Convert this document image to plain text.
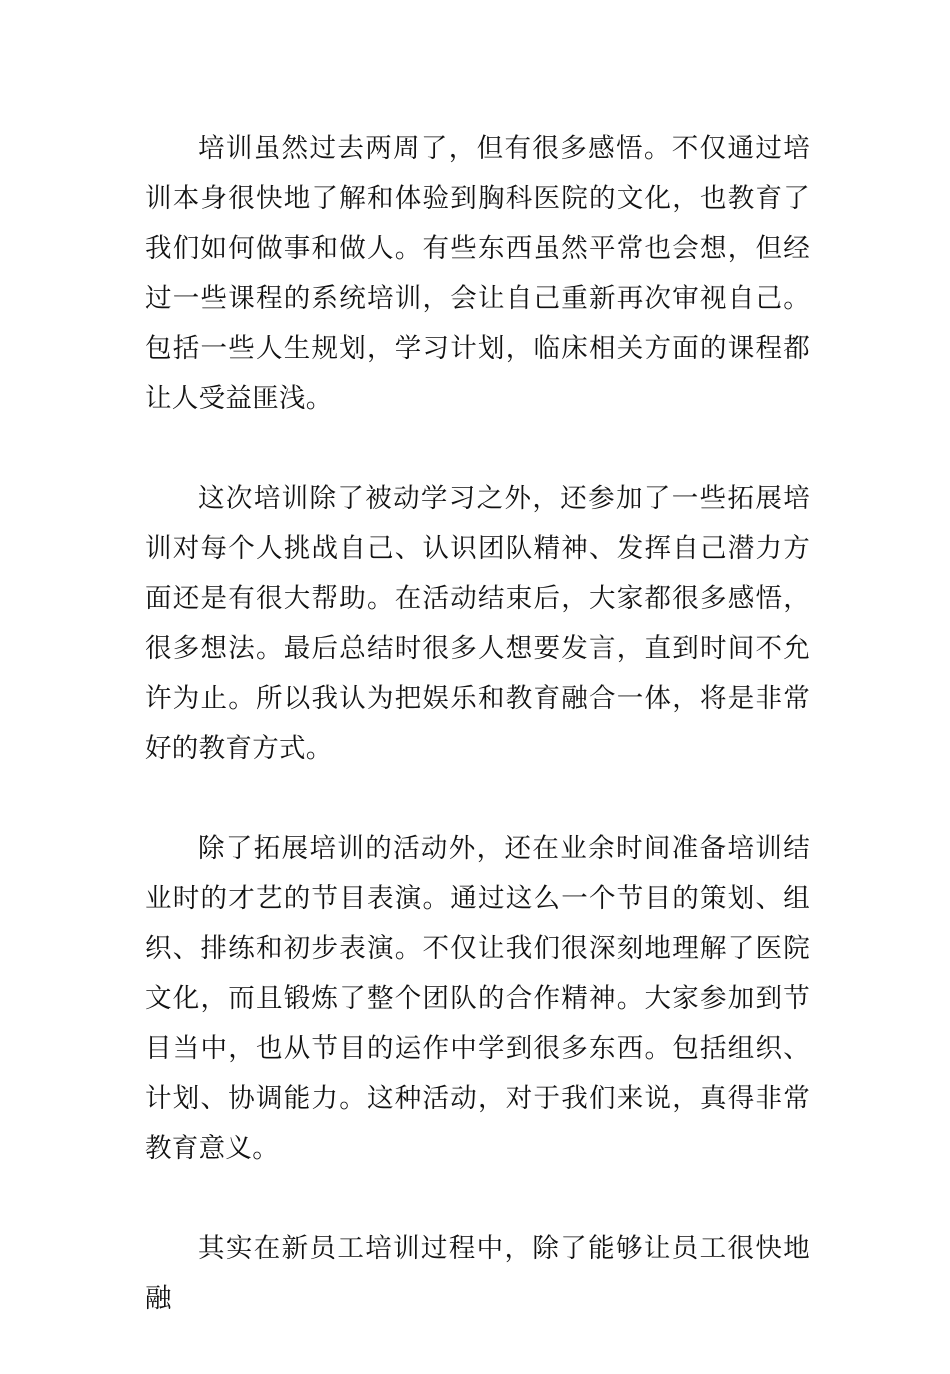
培训虽然过去两周了，但有很多感悟。不仅通过培训本身很快地了解和体验到胸科医院的文化，也教育了我们如何做事和做人。有些东西虽然平常也会想，但经过一些课程的系统培训，会让自己重新再次审视自己。包括一些人生规划，学习计划，临床相关方面的课程都让人受益匪浅。

这次培训除了被动学习之外，还参加了一些拓展培训对每个人挑战自己、认识团队精神、发挥自己潜力方面还是有很大帮助。在活动结束后，大家都很多感悟，很多想法。最后总结时很多人想要发言，直到时间不允许为止。所以我认为把娱乐和教育融合一体，将是非常好的教育方式。

除了拓展培训的活动外，还在业余时间准备培训结业时的才艺的节目表演。通过这么一个节目的策划、组织、排练和初步表演。不仅让我们很深刻地理解了医院文化，而且锻炼了整个团队的合作精神。大家参加到节目当中，也从节目的运作中学到很多东西。包括组织、计划、协调能力。这种活动，对于我们来说，真得非常教育意义。

其实在新员工培训过程中，除了能够让员工很快地融
